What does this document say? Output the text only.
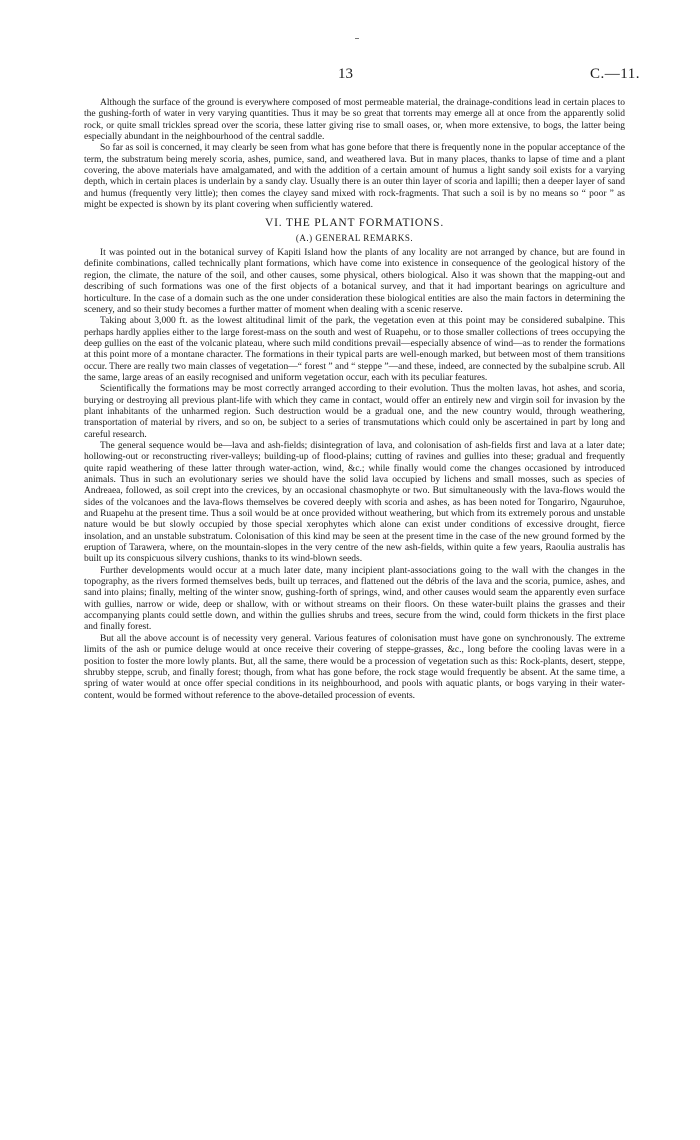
13	C.—11.

Although the surface of the ground is everywhere composed of most permeable material, the drainage-conditions lead in certain places to the gushing-forth of water in very varying quantities. Thus it may be so great that torrents may emerge all at once from the apparently solid rock, or quite small trickles spread over the scoria, these latter giving rise to small oases, or, when more extensive, to bogs, the latter being especially abundant in the neighbourhood of the central saddle.

So far as soil is concerned, it may clearly be seen from what has gone before that there is frequently none in the popular acceptance of the term, the substratum being merely scoria, ashes, pumice, sand, and weathered lava. But in many places, thanks to lapse of time and a plant covering, the above materials have amalgamated, and with the addition of a certain amount of humus a light sandy soil exists for a varying depth, which in certain places is underlain by a sandy clay. Usually there is an outer thin layer of scoria and lapilli; then a deeper layer of sand and humus (frequently very little); then comes the clayey sand mixed with rock-fragments. That such a soil is by no means so “ poor ” as might be expected is shown by its plant covering when sufficiently watered.

VI. THE PLANT FORMATIONS.
(A.) GENERAL REMARKS.

It was pointed out in the botanical survey of Kapiti Island how the plants of any locality are not arranged by chance, but are found in definite combinations, called technically plant formations, which have come into existence in consequence of the geological history of the region, the climate, the nature of the soil, and other causes, some physical, others biological. Also it was shown that the mapping-out and describing of such formations was one of the first objects of a botanical survey, and that it had important bearings on agriculture and horticulture. In the case of a domain such as the one under consideration these biological entities are also the main factors in determining the scenery, and so their study becomes a further matter of moment when dealing with a scenic reserve.

Taking about 3,000 ft. as the lowest altitudinal limit of the park, the vegetation even at this point may be considered subalpine. This perhaps hardly applies either to the large forest-mass on the south and west of Ruapehu, or to those smaller collections of trees occupying the deep gullies on the east of the volcanic plateau, where such mild conditions prevail—especially absence of wind—as to render the formations at this point more of a montane character. The formations in their typical parts are well-enough marked, but between most of them transitions occur. There are really two main classes of vegetation—“ forest ” and “ steppe ”—and these, indeed, are connected by the subalpine scrub. All the same, large areas of an easily recognised and uniform vegetation occur, each with its peculiar features.

Scientifically the formations may be most correctly arranged according to their evolution. Thus the molten lavas, hot ashes, and scoria, burying or destroying all previous plant-life with which they came in contact, would offer an entirely new and virgin soil for invasion by the plant inhabitants of the unharmed region. Such destruction would be a gradual one, and the new country would, through weathering, transportation of material by rivers, and so on, be subject to a series of transmutations which could only be ascertained in part by long and careful research.

The general sequence would be—lava and ash-fields; disintegration of lava, and colonisation of ash-fields first and lava at a later date; hollowing-out or reconstructing river-valleys; building-up of flood-plains; cutting of ravines and gullies into these; gradual and frequently quite rapid weathering of these latter through water-action, wind, &c.; while finally would come the changes occasioned by introduced animals. Thus in such an evolutionary series we should have the solid lava occupied by lichens and small mosses, such as species of Andreaea, followed, as soil crept into the crevices, by an occasional chasmophyte or two. But simultaneously with the lava-flows would the sides of the volcanoes and the lava-flows themselves be covered deeply with scoria and ashes, as has been noted for Tongariro, Ngauruhoe, and Ruapehu at the present time. Thus a soil would be at once provided without weathering, but which from its extremely porous and unstable nature would be but slowly occupied by those special xerophytes which alone can exist under conditions of excessive drought, fierce insolation, and an unstable substratum. Colonisation of this kind may be seen at the present time in the case of the new ground formed by the eruption of Tarawera, where, on the mountain-slopes in the very centre of the new ash-fields, within quite a few years, Raoulia australis has built up its conspicuous silvery cushions, thanks to its wind-blown seeds.

Further developments would occur at a much later date, many incipient plant-associations going to the wall with the changes in the topography, as the rivers formed themselves beds, built up terraces, and flattened out the débris of the lava and the scoria, pumice, ashes, and sand into plains; finally, melting of the winter snow, gushing-forth of springs, wind, and other causes would seam the apparently even surface with gullies, narrow or wide, deep or shallow, with or without streams on their floors. On these water-built plains the grasses and their accompanying plants could settle down, and within the gullies shrubs and trees, secure from the wind, could form thickets in the first place and finally forest.

But all the above account is of necessity very general. Various features of colonisation must have gone on synchronously. The extreme limits of the ash or pumice deluge would at once receive their covering of steppe-grasses, &c., long before the cooling lavas were in a position to foster the more lowly plants. But, all the same, there would be a procession of vegetation such as this: Rock-plants, desert, steppe, shrubby steppe, scrub, and finally forest; though, from what has gone before, the rock stage would frequently be absent. At the same time, a spring of water would at once offer special conditions in its neighbourhood, and pools with aquatic plants, or bogs varying in their water-content, would be formed without reference to the above-detailed procession of events.
